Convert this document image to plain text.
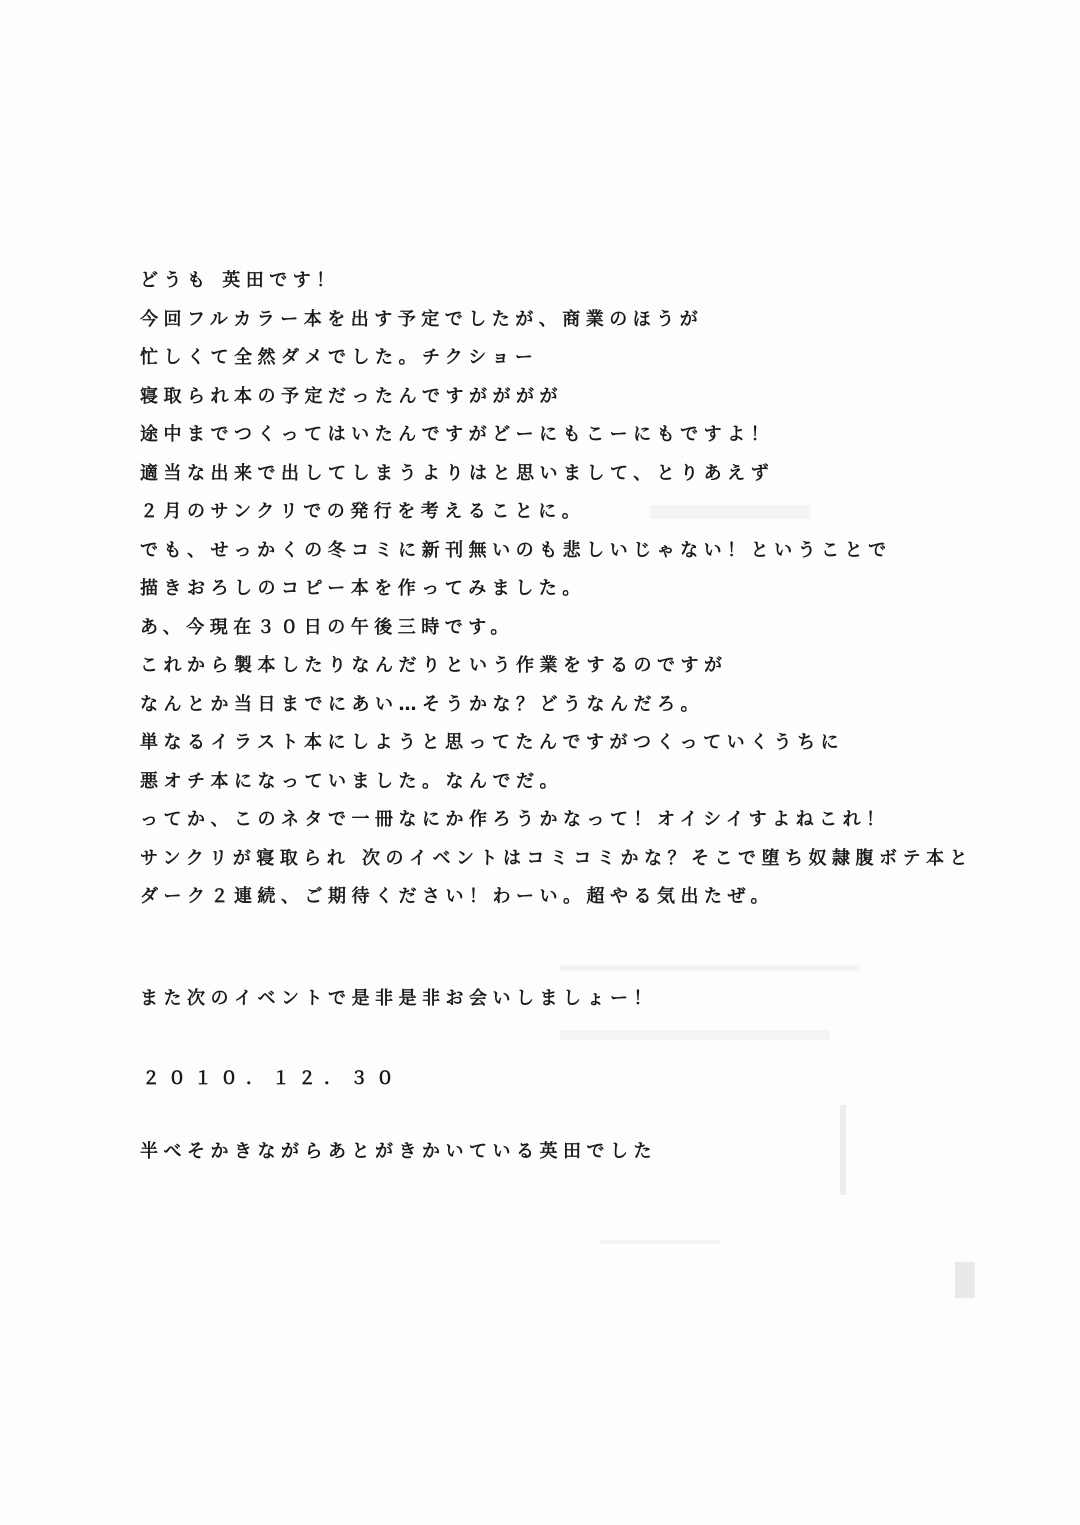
どうも 英田です！
今回フルカラー本を出す予定でしたが、商業のほうが
忙しくて全然ダメでした。チクショー
寝取られ本の予定だったんですがががが
途中までつくってはいたんですがどーにもこーにもですよ！
適当な出来で出してしまうよりはと思いまして、とりあえず
２月のサンクリでの発行を考えることに。
でも、せっかくの冬コミに新刊無いのも悲しいじゃない！ということで
描きおろしのコピー本を作ってみました。
あ、今現在３０日の午後三時です。
これから製本したりなんだりという作業をするのですが
なんとか当日までにあい…そうかな？どうなんだろ。
単なるイラスト本にしようと思ってたんですがつくっていくうちに
悪オチ本になっていました。なんでだ。
ってか、このネタで一冊なにか作ろうかなって！オイシイすよねこれ！
サンクリが寝取られ 次のイベントはコミコミかな？そこで堕ち奴隷腹ボテ本と
ダーク２連続、ご期待ください！わーい。超やる気出たぜ。
また次のイベントで是非是非お会いしましょー！
２０１０．１２．３０
半べそかきながらあとがきかいている英田でした
